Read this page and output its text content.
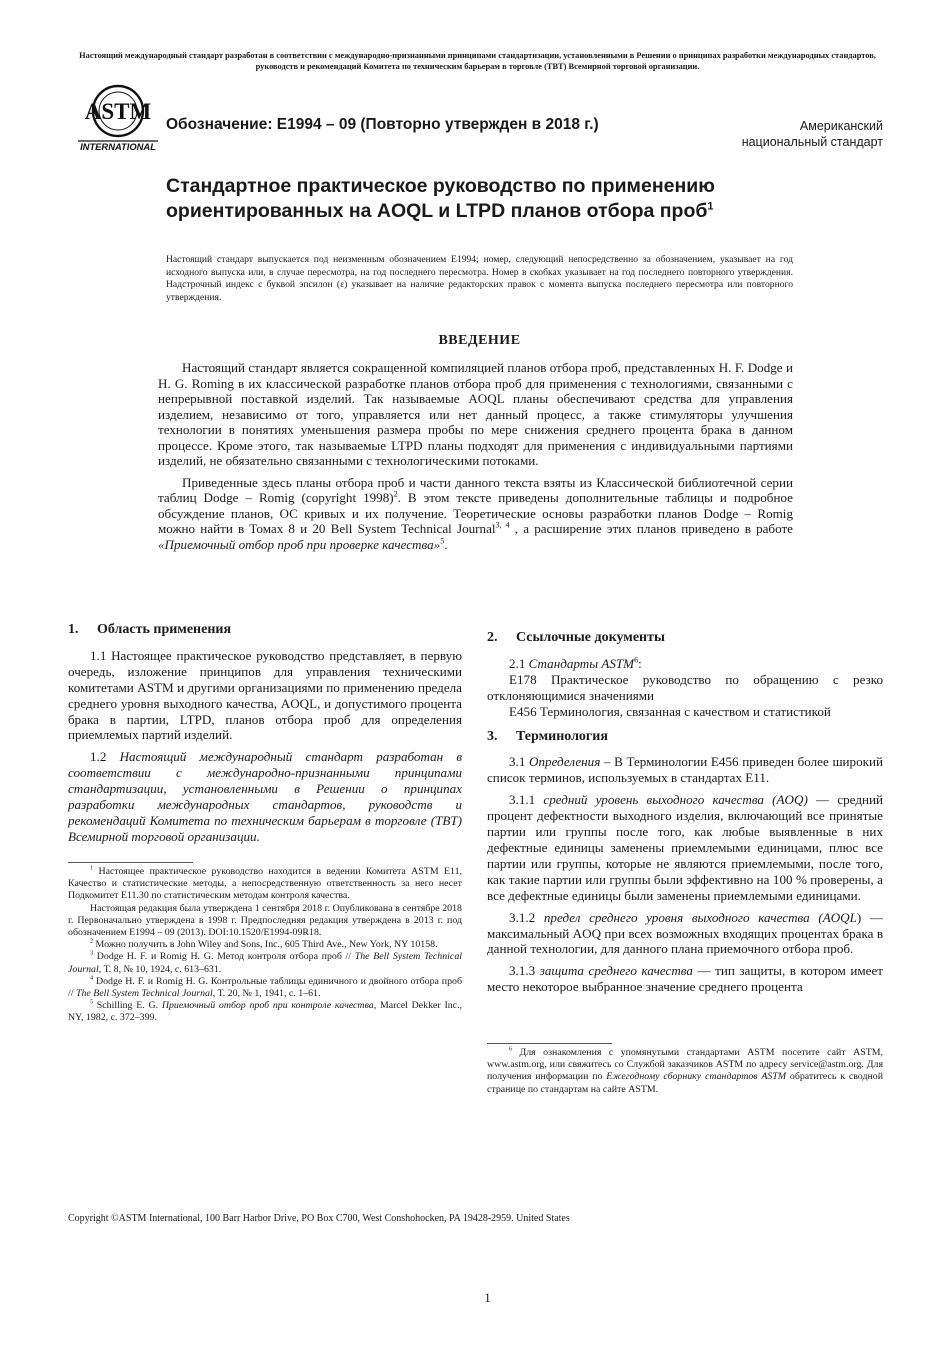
Настоящий международный стандарт разработан в соответствии с международно-признанными принципами стандартизации, установленными в Решении о принципах разработки международных стандартов, руководств и рекомендаций Комитета по техническим барьерам в торговле (TBT) Всемирной торговой организации.
ASTM
INTERNATIONAL
Обозначение: E1994 – 09 (Повторно утвержден в 2018 г.)	Американский
национальный стандарт
Стандартное практическое руководство по применению
ориентированных на AOQL и LTPD планов отбора проб$^1$
Настоящий стандарт выпускается под неизменным обозначением E1994; номер, следующий непосредственно за обозначением, указывает на год исходного выпуска или, в случае пересмотра, на год последнего пересмотра. Номер в скобках указывает на год последнего повторного утверждения. Надстрочный индекс с буквой эпсилон (ε) указывает на наличие редакторских правок с момента выпуска последнего пересмотра или повторного утверждения.
ВВЕДЕНИЕ

Настоящий стандарт является сокращенной компиляцией планов отбора проб, представленных H. F. Dodge и H. G. Roming в их классической разработке планов отбора проб для применения с технологиями, связанными с непрерывной поставкой изделий. Так называемые AOQL планы обеспечивают средства для управления изделием, независимо от того, управляется или нет данный процесс, а также стимуляторы улучшения технологии в понятиях уменьшения размера пробы по мере снижения среднего процента брака в данном процессе. Кроме этого, так называемые LTPD планы подходят для применения с индивидуальными партиями изделий, не обязательно связанными с технологическими потоками.

Приведенные здесь планы отбора проб и части данного текста взяты из Классической библиотечной серии таблиц Dodge – Romig (copyright 1998)$^2$. В этом тексте приведены дополнительные таблицы и подробное обсуждение планов, ОС кривых и их получение. Теоретические основы разработки планов Dodge – Romig можно найти в Томах 8 и 20 Bell System Technical Journal$^{3, 4}$ , а расширение этих планов приведено в работе «Приемочный отбор проб при проверке качества»$^5$.

1. Область применения

1.1 Настоящее практическое руководство представляет, в первую очередь, изложение принципов для управления техническими комитетами ASTM и другими организациями по применению предела среднего уровня выходного качества, AOQL, и допустимого процента брака в партии, LTPD, планов отбора проб для определения приемлемых партий изделий.

1.2 Настоящий международный стандарт разработан в соответствии с международно-признанными принципами стандартизации, установленными в Решении о принципах разработки международных стандартов, руководств и рекомендаций Комитета по техническим барьерам в торговле (TBT) Всемирной торговой организации.

$^1$ Настоящее практическое руководство находится в ведении Комитета ASTM E11, Качество и статистические методы, а непосредственную ответственность за него несет Подкомитет E11.30 по статистическим методам контроля качества.

Настоящая редакция была утверждена 1 сентября 2018 г. Опубликована в сентябре 2018 г. Первоначально утверждена в 1998 г. Предпоследняя редакция утверждена в 2013 г. под обозначением E1994 – 09 (2013). DOI:10.1520/E1994-09R18.

$^2$ Можно получить в John Wiley and Sons, Inc., 605 Third Ave., New York, NY 10158.

$^3$ Dodge H. F. и Romig H. G. Метод контроля отбора проб // The Bell System Technical Journal, Т. 8, № 10, 1924, с. 613–631.

$^4$ Dodge H. F. и Romig H. G. Контрольные таблицы единичного и двойного отбора проб // The Bell System Technical Journal, Т. 20, № 1, 1941, с. 1–61.

$^5$ Schilling E. G. Приемочный отбор проб при контроле качества, Marcel Dekker Inc., NY, 1982, с. 372–399.

2. Ссылочные документы

2.1 Стандарты ASTM$^6$:

E178 Практическое руководство по обращению с резко отклоняющимися значениями

E456 Терминология, связанная с качеством и статистикой

3. Терминология

3.1 Определения – В Терминологии E456 приведен более широкий список терминов, используемых в стандартах E11.

3.1.1 средний уровень выходного качества (AOQ) — средний процент дефектности выходного изделия, включающий все принятые партии или группы после того, как любые выявленные в них дефектные единицы заменены приемлемыми единицами, плюс все партии или группы, которые не являются приемлемыми, после того, как такие партии или группы были эффективно на 100 % проверены, а все дефектные единицы были заменены приемлемыми единицами.

3.1.2 предел среднего уровня выходного качества (AOQL) — максимальный AOQ при всех возможных входящих процентах брака в данной технологии, для данного плана приемочного отбора проб.

3.1.3 защита среднего качества — тип защиты, в котором имеет место некоторое выбранное значение среднего процента

$^6$ Для ознакомления с упомянутыми стандартами ASTM посетите сайт ASTM, www.astm.org, или свяжитесь со Службой заказчиков ASTM по адресу service@astm.org. Для получения информации по Ежегодному сборнику стандартов ASTM обратитесь к сводной странице по стандартам на сайте ASTM.

Copyright ©ASTM International, 100 Barr Harbor Drive, PO Box C700, West Conshohocken, PA 19428-2959. United States
1
